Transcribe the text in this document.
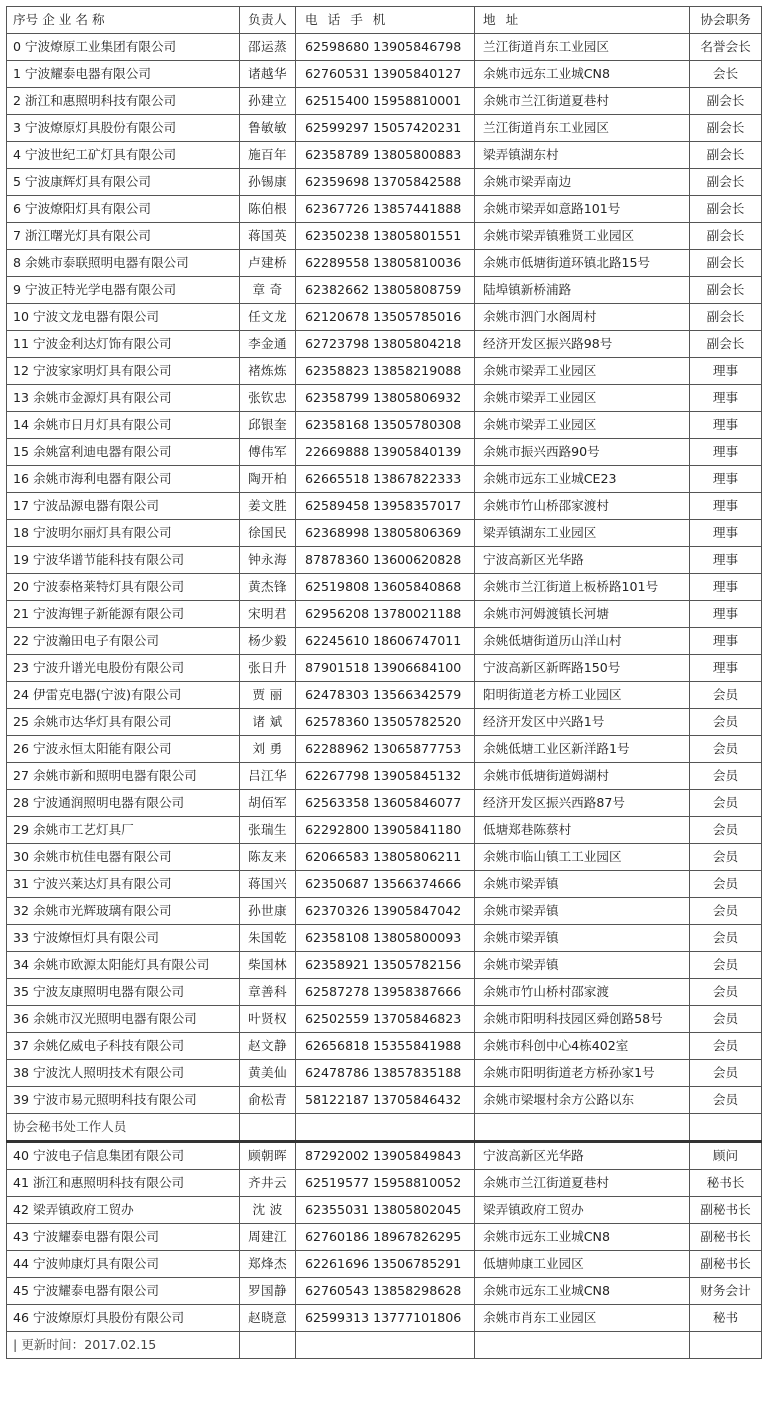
序号 企 业 名 称	负责人	电 话 手 机	地 址	协会职务
0 宁波燎原工业集团有限公司	邵运蒸	62598680 13905846798	兰江街道肖东工业园区	名誉会长
1 宁波耀泰电器有限公司	诸越华	62760531 13905840127	余姚市远东工业城CN8	会长
2 浙江和惠照明科技有限公司	孙建立	62515400 15958810001	余姚市兰江街道夏巷村	副会长
3 宁波燎原灯具股份有限公司	鲁敏敏	62599297 15057420231	兰江街道肖东工业园区	副会长
4 宁波世纪工矿灯具有限公司	施百年	62358789 13805800883	梁弄镇湖东村	副会长
5 宁波康辉灯具有限公司	孙锡康	62359698 13705842588	余姚市梁弄南边	副会长
6 宁波燎阳灯具有限公司	陈伯根	62367726 13857441888	余姚市梁弄如意路101号	副会长
7 浙江曙光灯具有限公司	蒋国英	62350238 13805801551	余姚市梁弄镇雅贤工业园区	副会长
8 余姚市泰联照明电器有限公司	卢建桥	62289558 13805810036	余姚市低塘街道环镇北路15号	副会长
9 宁波正特光学电器有限公司	章 奇	62382662 13805808759	陆埠镇新桥浦路	副会长
10 宁波文龙电器有限公司	任文龙	62120678 13505785016	余姚市泗门水阁周村	副会长
11 宁波金利达灯饰有限公司	李金通	62723798 13805804218	经济开发区振兴路98号	副会长
12 宁波家家明灯具有限公司	褚炼炼	62358823 13858219088	余姚市梁弄工业园区	理事
13 余姚市金源灯具有限公司	张钦忠	62358799 13805806932	余姚市梁弄工业园区	理事
14 余姚市日月灯具有限公司	邱银奎	62358168 13505780308	余姚市梁弄工业园区	理事
15 余姚富利迪电器有限公司	傅伟军	22669888 13905840139	余姚市振兴西路90号	理事
16 余姚市海利电器有限公司	陶开柏	62665518 13867822333	余姚市远东工业城CE23	理事
17 宁波品源电器有限公司	姜文胜	62589458 13958357017	余姚市竹山桥邵家渡村	理事
18 宁波明尔丽灯具有限公司	徐国民	62368998 13805806369	梁弄镇湖东工业园区	理事
19 宁波华谱节能科技有限公司	钟永海	87878360 13600620828	宁波高新区光华路	理事
20 宁波泰格莱特灯具有限公司	黄杰锋	62519808 13605840868	余姚市兰江街道上板桥路101号	理事
21 宁波海锂子新能源有限公司	宋明君	62956208 13780021188	余姚市河姆渡镇长河塘	理事
22 宁波瀚田电子有限公司	杨少毅	62245610 18606747011	余姚低塘街道历山洋山村	理事
23 宁波升谱光电股份有限公司	张日升	87901518 13906684100	宁波高新区新晖路150号	理事
24 伊雷克电器(宁波)有限公司	贾 丽	62478303 13566342579	阳明街道老方桥工业园区	会员
25 余姚市达华灯具有限公司	诸 斌	62578360 13505782520	经济开发区中兴路1号	会员
26 宁波永恒太阳能有限公司	刘 勇	62288962 13065877753	余姚低塘工业区新洋路1号	会员
27 余姚市新和照明电器有限公司	吕江华	62267798 13905845132	余姚市低塘街道姆湖村	会员
28 宁波通润照明电器有限公司	胡佰军	62563358 13605846077	经济开发区振兴西路87号	会员
29 余姚市工艺灯具厂	张瑞生	62292800 13905841180	低塘郑巷陈蔡村	会员
30 余姚市杭佳电器有限公司	陈友来	62066583 13805806211	余姚市临山镇工工业园区	会员
31 宁波兴莱达灯具有限公司	蒋国兴	62350687 13566374666	余姚市梁弄镇	会员
32 余姚市光辉玻璃有限公司	孙世康	62370326 13905847042	余姚市梁弄镇	会员
33 宁波燎恒灯具有限公司	朱国乾	62358108 13805800093	余姚市梁弄镇	会员
34 余姚市欧源太阳能灯具有限公司	柴国林	62358921 13505782156	余姚市梁弄镇	会员
35 宁波友康照明电器有限公司	章善科	62587278 13958387666	余姚市竹山桥村邵家渡	会员
36 余姚市汉光照明电器有限公司	叶贤权	62502559 13705846823	余姚市阳明科技园区舜创路58号	会员
37 余姚亿威电子科技有限公司	赵文静	62656818 15355841988	余姚市科创中心4栋402室	会员
38 宁波沈人照明技术有限公司	黄美仙	62478786 13857835188	余姚市阳明街道老方桥孙家1号	会员
39 宁波市易元照明科技有限公司	俞松青	58122187 13705846432	余姚市梁堰村余方公路以东	会员
协会秘书处工作人员				
40 宁波电子信息集团有限公司	顾朝晖	87292002 13905849843	宁波高新区光华路	顾问
41 浙江和惠照明科技有限公司	齐井云	62519577 15958810052	余姚市兰江街道夏巷村	秘书长
42 梁弄镇政府工贸办	沈 波	62355031 13805802045	梁弄镇政府工贸办	副秘书长
43 宁波耀泰电器有限公司	周建江	62760186 18967826295	余姚市远东工业城CN8	副秘书长
44 宁波帅康灯具有限公司	郑烽杰	62261696 13506785291	低塘帅康工业园区	副秘书长
45 宁波耀泰电器有限公司	罗国静	62760543 13858298628	余姚市远东工业城CN8	财务会计
46 宁波燎原灯具股份有限公司	赵晓意	62599313 13777101806	余姚市肖东工业园区	秘书
| 更新时间：2017.02.15				
